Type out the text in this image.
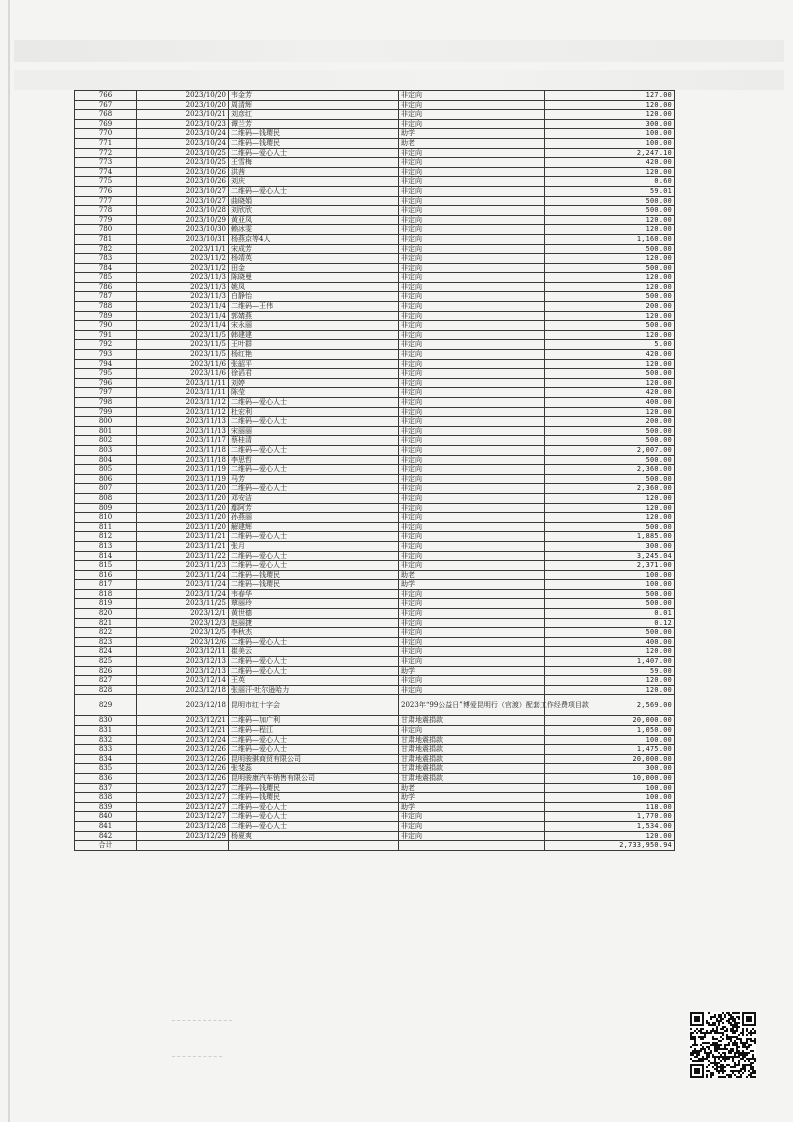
766	2023/10/20	韦金芳	非定向	127.00
767	2023/10/20	周清辉	非定向	120.00
768	2023/10/21	刘彦红	非定向	120.00
769	2023/10/23	谭兰芳	非定向	300.00
770	2023/10/24	二维码—钱璎民	助学	100.00
771	2023/10/24	二维码—钱璎民	助老	100.00
772	2023/10/25	二维码—爱心人士	非定向	2,247.10
773	2023/10/25	王雪梅	非定向	420.00
774	2023/10/26	洪茜	非定向	120.00
775	2023/10/26	刘庆	非定向	0.60
776	2023/10/27	二维码—爱心人士	非定向	59.01
777	2023/10/27	曲晓娟	非定向	500.00
778	2023/10/28	刘欣欣	非定向	500.00
779	2023/10/29	黄亚凤	非定向	120.00
780	2023/10/30	赖冰雯	非定向	120.00
781	2023/10/31	杨燕京等4人	非定向	1,160.00
782	2023/11/1	宋成芳	非定向	500.00
783	2023/11/2	杨靖英	非定向	120.00
784	2023/11/2	田金	非定向	500.00
785	2023/11/3	陈晓曼	非定向	120.00
786	2023/11/3	姚凤	非定向	120.00
787	2023/11/3	白静怡	非定向	500.00
788	2023/11/4	二维码—王伟	非定向	200.00
789	2023/11/4	郭婧燕	非定向	120.00
790	2023/11/4	宋永丽	非定向	500.00
791	2023/11/5	韩建建	非定向	120.00
792	2023/11/5	王叶群	非定向	5.00
793	2023/11/5	杨红艳	非定向	420.00
794	2023/11/6	张韶平	非定向	120.00
795	2023/11/6	徐滔君	非定向	500.00
796	2023/11/11	刘婷	非定向	120.00
797	2023/11/11	陈莹	非定向	420.00
798	2023/11/12	二维码—爱心人士	非定向	400.00
799	2023/11/12	杜宏利	非定向	120.00
800	2023/11/13	二维码—爱心人士	非定向	200.00
801	2023/11/13	宋丽丽	非定向	500.00
802	2023/11/17	蔡桂清	非定向	500.00
803	2023/11/18	二维码—爱心人士	非定向	2,007.00
804	2023/11/18	李思哲	非定向	500.00
805	2023/11/19	二维码—爱心人士	非定向	2,360.00
806	2023/11/19	马芳	非定向	500.00
807	2023/11/20	二维码—爱心人士	非定向	2,360.00
808	2023/11/20	邓安洁	非定向	120.00
809	2023/11/20	鄢阿芳	非定向	120.00
810	2023/11/20	孙燕丽	非定向	120.00
811	2023/11/20	解建辉	非定向	500.00
812	2023/11/21	二维码—爱心人士	非定向	1,885.00
813	2023/11/21	张月	非定向	300.00
814	2023/11/22	二维码—爱心人士	非定向	3,245.04
815	2023/11/23	二维码—爱心人士	非定向	2,371.00
816	2023/11/24	二维码—钱璎民	助老	100.00
817	2023/11/24	二维码—钱璎民	助学	100.00
818	2023/11/24	韦春华	非定向	500.00
819	2023/11/25	覃丽玲	非定向	500.00
820	2023/12/1	黄世德	非定向	0.01
821	2023/12/3	赵丽捷	非定向	0.12
822	2023/12/5	李秋杰	非定向	500.00
823	2023/12/6	二维码—爱心人士	非定向	400.00
824	2023/12/11	崔美云	非定向	120.00
825	2023/12/13	二维码—爱心人士	非定向	1,407.00
826	2023/12/13	二维码—爱心人士	助学	59.00
827	2023/12/14	王英	非定向	120.00
828	2023/12/18	张丽汗·吐尔逊哈力	非定向	120.00
829	2023/12/18	昆明市红十字会	2023年“99公益日”博爱昆明行（官渡）配套工作经费项目款	2,569.00
830	2023/12/21	二维码—加广利	甘肃地震捐款	20,000.00
831	2023/12/21	二维码—程江	非定向	1,050.00
832	2023/12/24	二维码—爱心人士	甘肃地震捐款	100.00
833	2023/12/26	二维码—爱心人士	甘肃地震捐款	1,475.00
834	2023/12/26	昆明骏骐商贸有限公司	甘肃地震捐款	20,000.00
835	2023/12/26	张斐蕊	甘肃地震捐款	300.00
836	2023/12/26	昆明骏康汽车销售有限公司	甘肃地震捐款	10,000.00
837	2023/12/27	二维码—钱璎民	助老	100.00
838	2023/12/27	二维码—钱璎民	助学	100.00
839	2023/12/27	二维码—爱心人士	助学	118.00
840	2023/12/27	二维码—爱心人士	非定向	1,770.00
841	2023/12/28	二维码—爱心人士	非定向	1,534.00
842	2023/12/29	杨夏爽	非定向	120.00
合计				2,733,950.94
